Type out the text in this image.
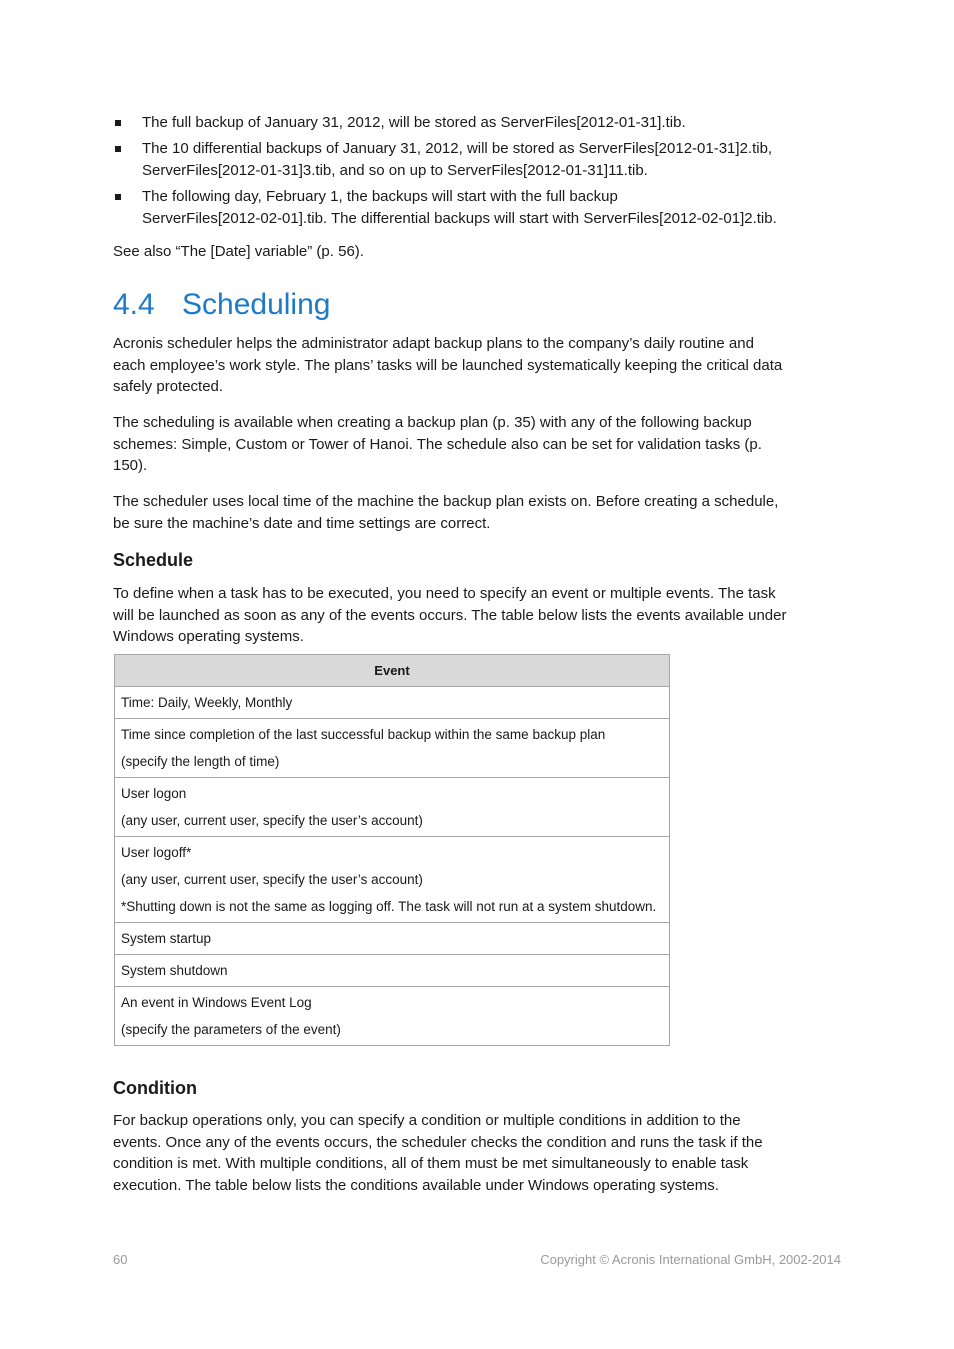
The full backup of January 31, 2012, will be stored as ServerFiles[2012-01-31].tib.
The 10 differential backups of January 31, 2012, will be stored as ServerFiles[2012-01-31]2.tib,
ServerFiles[2012-01-31]3.tib, and so on up to ServerFiles[2012-01-31]11.tib.
The following day, February 1, the backups will start with the full backup
ServerFiles[2012-02-01].tib. The differential backups will start with ServerFiles[2012-02-01]2.tib.

See also “The [Date] variable” (p. 56).

4.4 Scheduling

Acronis scheduler helps the administrator adapt backup plans to the company’s daily routine and
each employee’s work style. The plans’ tasks will be launched systematically keeping the critical data
safely protected.

The scheduling is available when creating a backup plan (p. 35) with any of the following backup
schemes: Simple, Custom or Tower of Hanoi. The schedule also can be set for validation tasks (p.
150).

The scheduler uses local time of the machine the backup plan exists on. Before creating a schedule,
be sure the machine’s date and time settings are correct.

Schedule

To define when a task has to be executed, you need to specify an event or multiple events. The task
will be launched as soon as any of the events occurs. The table below lists the events available under
Windows operating systems.

Event

Time: Daily, Weekly, Monthly

Time since completion of the last successful backup within the same backup plan
(specify the length of time)

User logon
(any user, current user, specify the user’s account)

User logoff*
(any user, current user, specify the user’s account)
*Shutting down is not the same as logging off. The task will not run at a system shutdown.

System startup

System shutdown

An event in Windows Event Log
(specify the parameters of the event)
Condition

For backup operations only, you can specify a condition or multiple conditions in addition to the
events. Once any of the events occurs, the scheduler checks the condition and runs the task if the
condition is met. With multiple conditions, all of them must be met simultaneously to enable task
execution. The table below lists the conditions available under Windows operating systems.

60	Copyright © Acronis International GmbH, 2002-2014
